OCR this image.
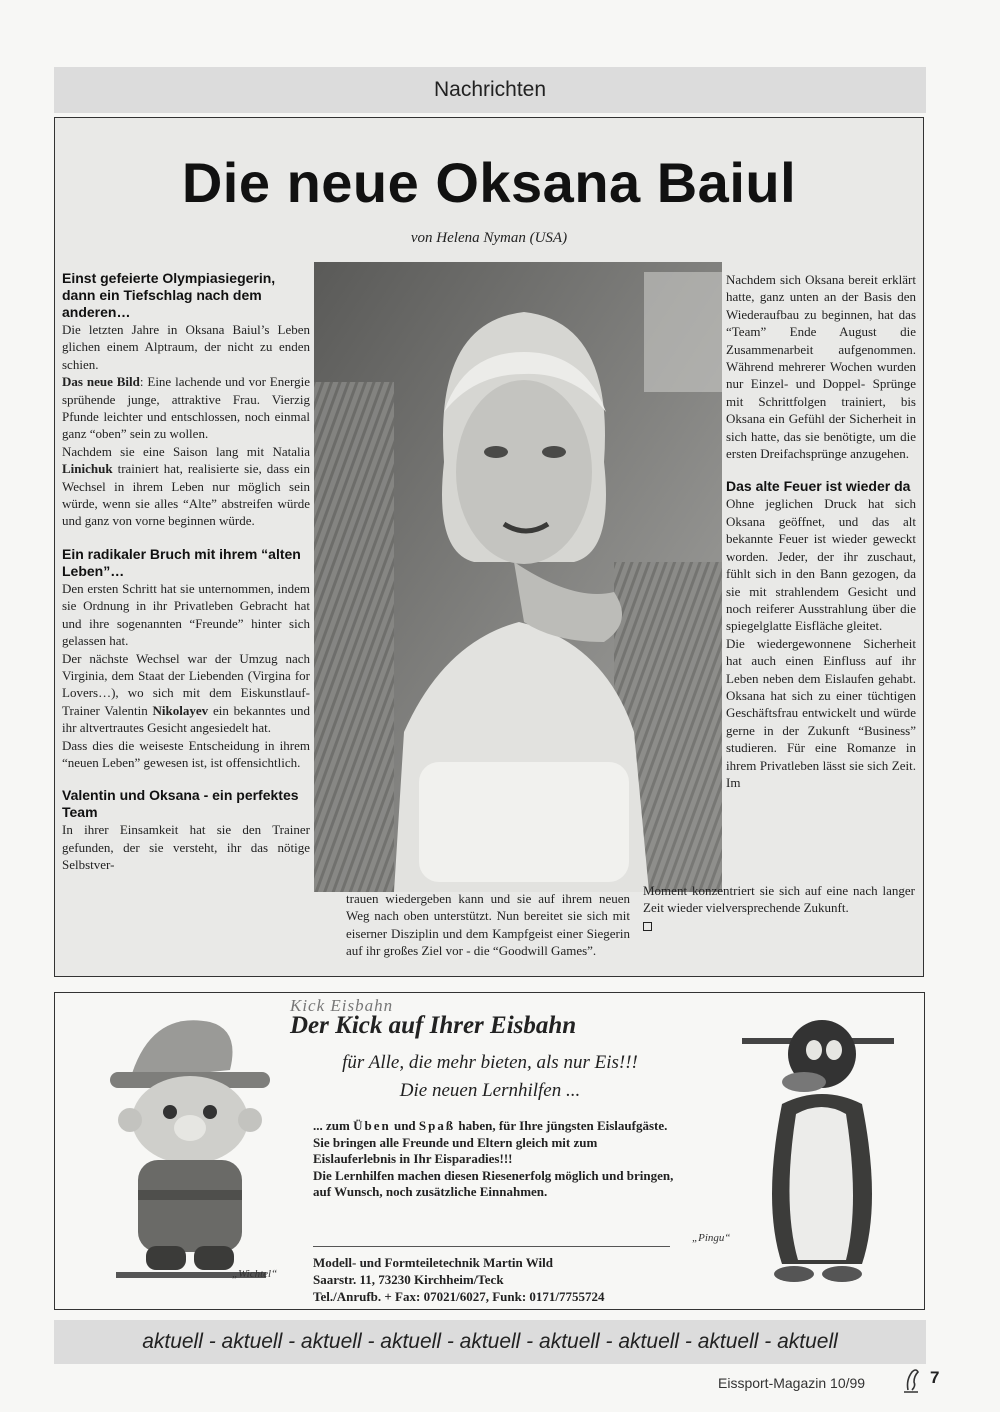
Nachrichten
Die neue Oksana Baiul
von Helena Nyman (USA)
Einst gefeierte Olympiasiegerin, dann ein Tiefschlag nach dem anderen…

Die letzten Jahre in Oksana Baiul’s Leben glichen einem Alptraum, der nicht zu enden schien.

Das neue Bild: Eine lachende und vor Energie sprühende junge, attraktive Frau. Vierzig Pfunde leichter und entschlossen, noch einmal ganz “oben” sein zu wollen.

Nachdem sie eine Saison lang mit Natalia Linichuk trainiert hat, realisierte sie, dass ein Wechsel in ihrem Leben nur möglich sein würde, wenn sie alles “Alte” abstreifen würde und ganz von vorne beginnen würde.

Ein radikaler Bruch mit ihrem “alten Leben”…

Den ersten Schritt hat sie unternommen, indem sie Ordnung in ihr Privatleben Gebracht hat und ihre sogenannten “Freunde” hinter sich gelassen hat.

Der nächste Wechsel war der Umzug nach Virginia, dem Staat der Liebenden (Virgina for Lovers…), wo sich mit dem Eiskunstlauf-Trainer Valentin Nikolayev ein bekanntes und ihr altvertrautes Gesicht angesiedelt hat.

Dass dies die weiseste Entscheidung in ihrem “neuen Leben” gewesen ist, ist offensichtlich.

Valentin und Oksana - ein perfektes Team

In ihrer Einsamkeit hat sie den Trainer gefunden, der sie versteht, ihr das nötige Selbstver-

Nachdem sich Oksana bereit erklärt hatte, ganz unten an der Basis den Wiederaufbau zu beginnen, hat das “Team” Ende August die Zusammenarbeit aufgenommen. Während mehrerer Wochen wurden nur Einzel- und Doppel- Sprünge mit Schrittfolgen trainiert, bis Oksana ein Gefühl der Sicherheit in sich hatte, das sie benötigte, um die ersten Dreifachsprünge anzugehen.

Das alte Feuer ist wieder da

Ohne jeglichen Druck hat sich Oksana geöffnet, und das alt bekannte Feuer ist wieder geweckt worden. Jeder, der ihr zuschaut, fühlt sich in den Bann gezogen, da sie mit strahlendem Gesicht und noch reiferer Ausstrahlung über die spiegelglatte Eisfläche gleitet.

Die wiedergewonnene Sicherheit hat auch einen Einfluss auf ihr Leben neben dem Eislaufen gehabt. Oksana hat sich zu einer tüchtigen Geschäftsfrau entwickelt und würde gerne in der Zukunft “Business” studieren. Für eine Romanze in ihrem Privatleben lässt sie sich Zeit. Im

trauen wiedergeben kann und sie auf ihrem neuen Weg nach oben unterstützt. Nun bereitet sie sich mit eiserner Disziplin und dem Kampfgeist einer Siegerin auf ihr großes Ziel vor - die “Goodwill Games”.

Moment konzentriert sie sich auf eine nach langer Zeit wieder vielversprechende Zukunft.

„Wichtel“
„Pingu“
Kick Eisbahn
Der Kick auf Ihrer Eisbahn
für Alle, die mehr bieten, als nur Eis!!!
Die neuen Lernhilfen ...
... zum Üben und Spaß haben, für Ihre jüngsten Eislaufgäste.
Sie bringen alle Freunde und Eltern gleich mit zum Eislauferlebnis in Ihr Eisparadies!!!
Die Lernhilfen machen diesen Riesenerfolg möglich und bringen, auf Wunsch, noch zusätzliche Einnahmen.
Modell- und Formteiletechnik Martin Wild
Saarstr. 11, 73230 Kirchheim/Teck
Tel./Anrufb. + Fax: 07021/6027, Funk: 0171/7755724
aktuell - aktuell - aktuell - aktuell - aktuell - aktuell - aktuell - aktuell - aktuell
Eissport-Magazin 10/99	7
